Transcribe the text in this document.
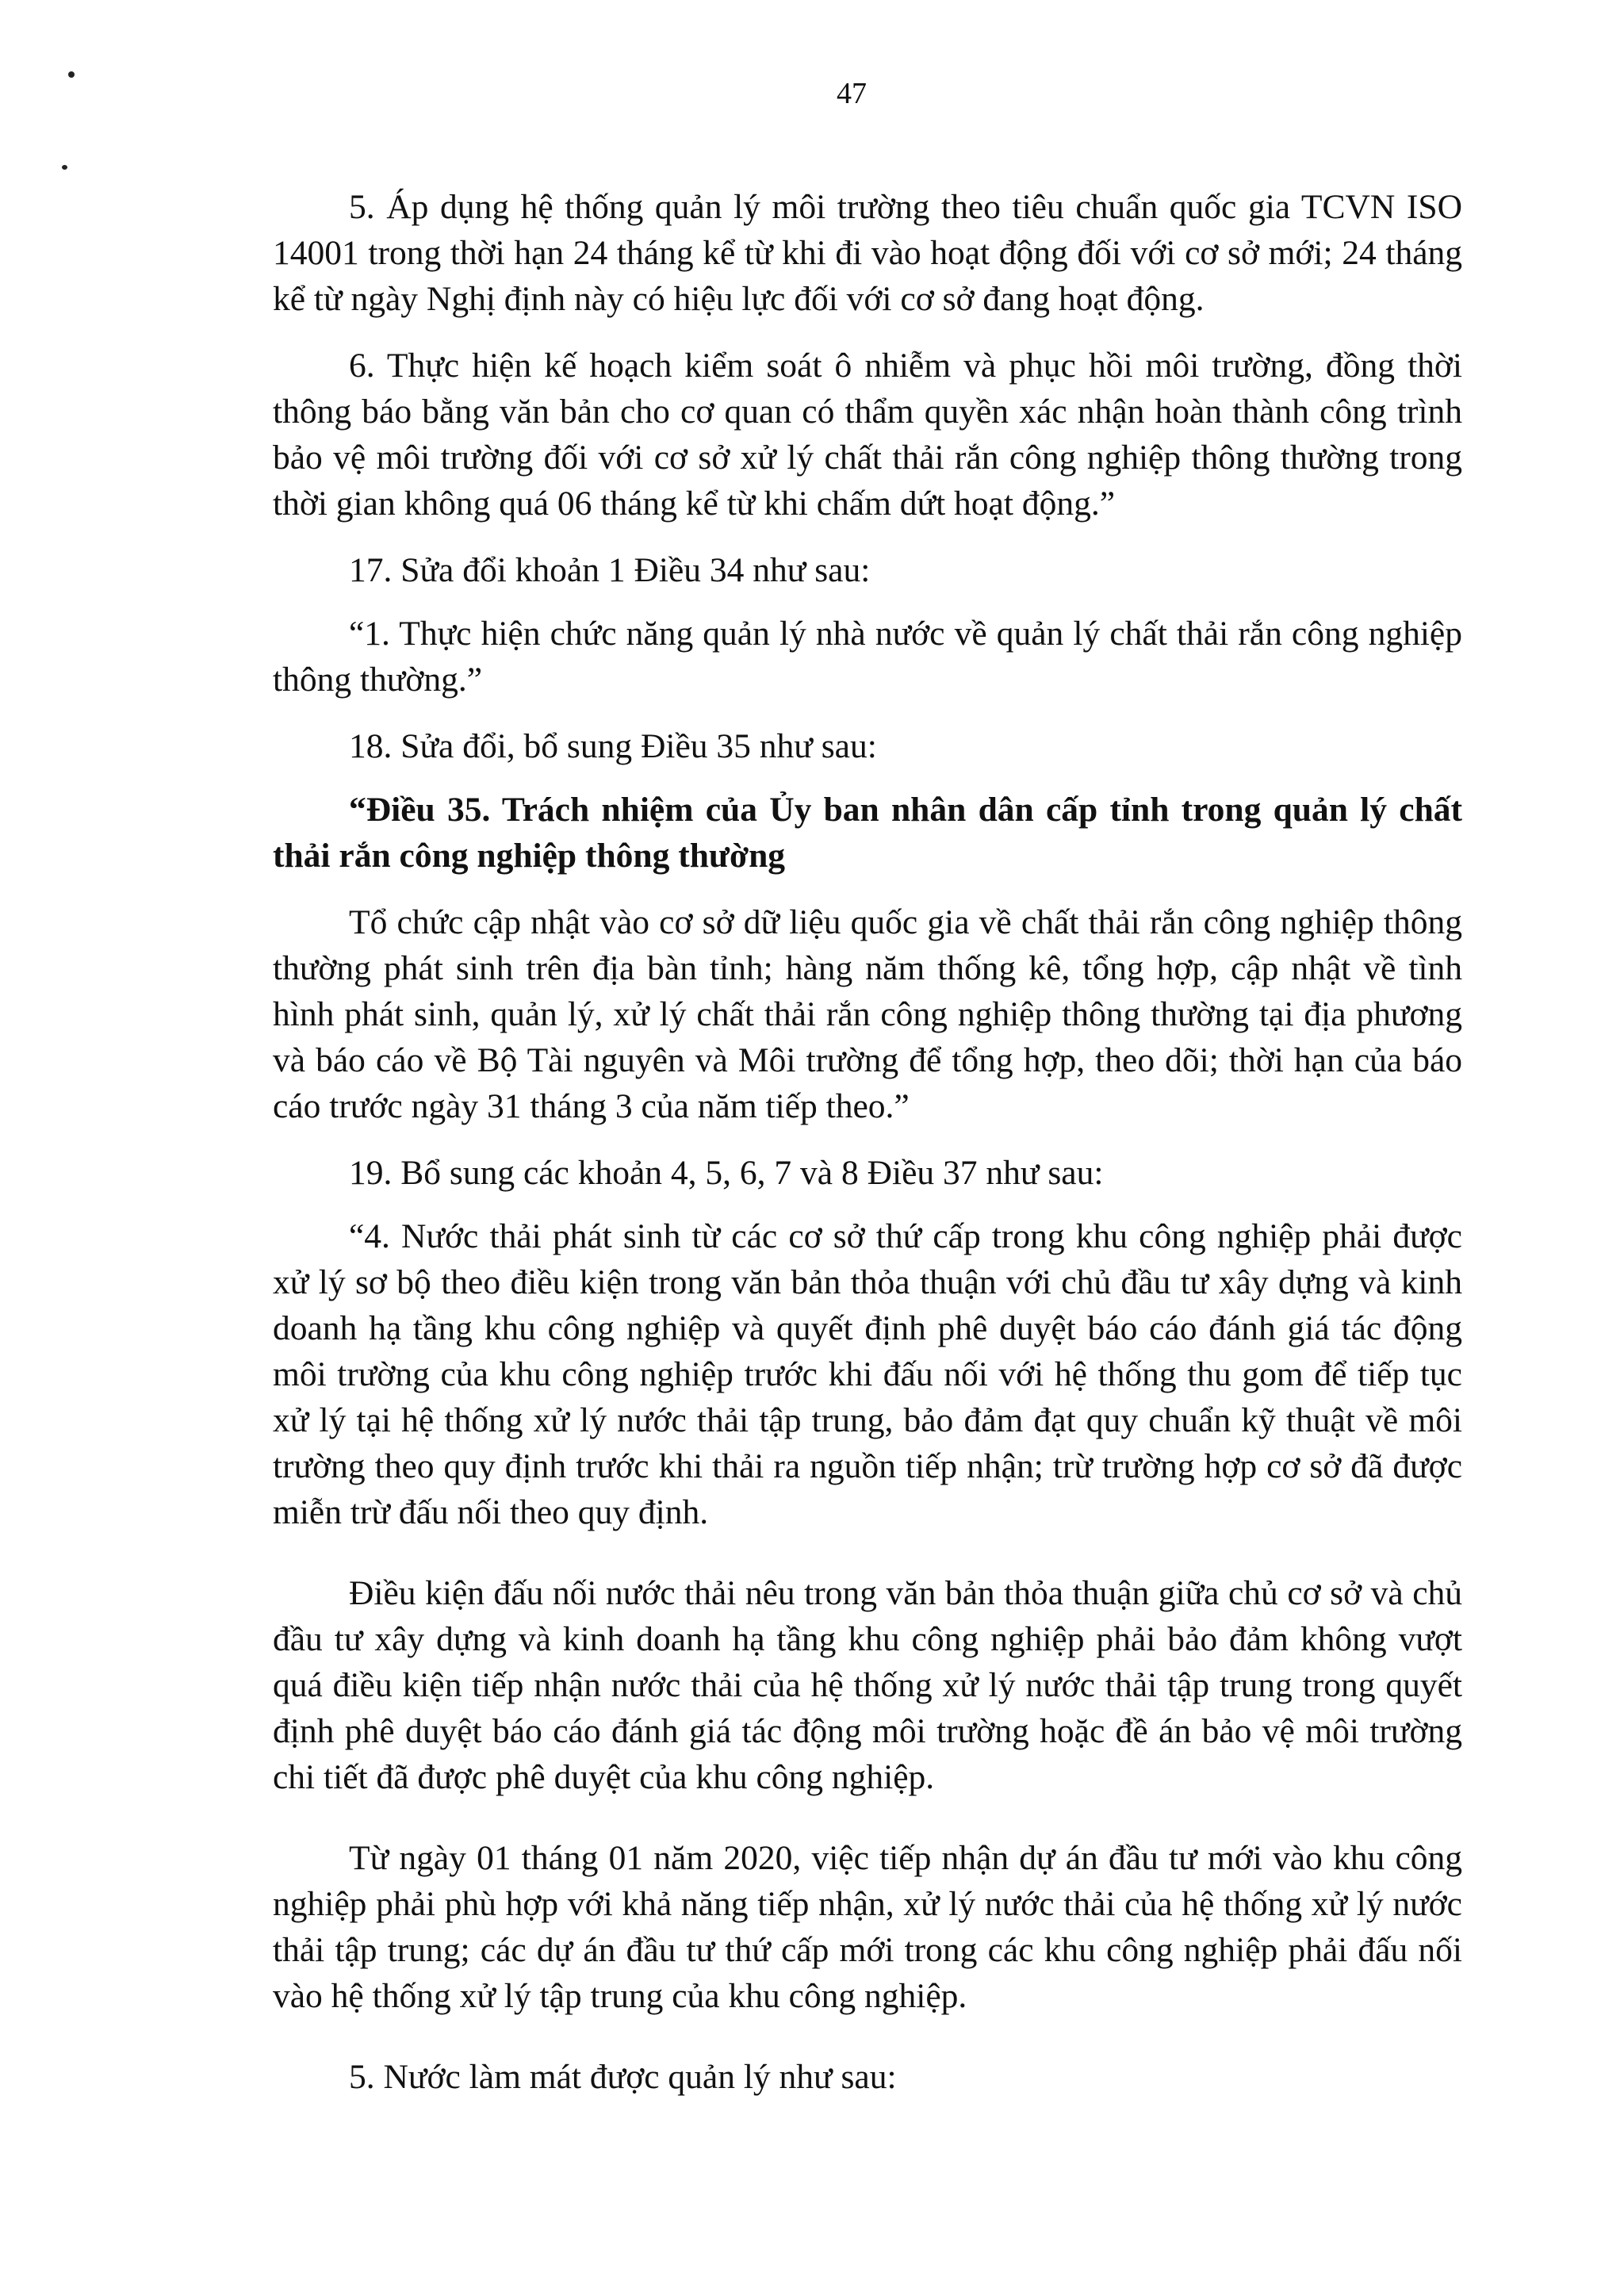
47

5. Áp dụng hệ thống quản lý môi trường theo tiêu chuẩn quốc gia TCVN ISO 14001 trong thời hạn 24 tháng kể từ khi đi vào hoạt động đối với cơ sở mới; 24 tháng kể từ ngày Nghị định này có hiệu lực đối với cơ sở đang hoạt động.

6. Thực hiện kế hoạch kiểm soát ô nhiễm và phục hồi môi trường, đồng thời thông báo bằng văn bản cho cơ quan có thẩm quyền xác nhận hoàn thành công trình bảo vệ môi trường đối với cơ sở xử lý chất thải rắn công nghiệp thông thường trong thời gian không quá 06 tháng kể từ khi chấm dứt hoạt động.”

17. Sửa đổi khoản 1 Điều 34 như sau:

“1. Thực hiện chức năng quản lý nhà nước về quản lý chất thải rắn công nghiệp thông thường.”

18. Sửa đổi, bổ sung Điều 35 như sau:

“Điều 35. Trách nhiệm của Ủy ban nhân dân cấp tỉnh trong quản lý chất thải rắn công nghiệp thông thường

Tổ chức cập nhật vào cơ sở dữ liệu quốc gia về chất thải rắn công nghiệp thông thường phát sinh trên địa bàn tỉnh; hàng năm thống kê, tổng hợp, cập nhật về tình hình phát sinh, quản lý, xử lý chất thải rắn công nghiệp thông thường tại địa phương và báo cáo về Bộ Tài nguyên và Môi trường để tổng hợp, theo dõi; thời hạn của báo cáo trước ngày 31 tháng 3 của năm tiếp theo.”

19. Bổ sung các khoản 4, 5, 6, 7 và 8 Điều 37 như sau:

“4. Nước thải phát sinh từ các cơ sở thứ cấp trong khu công nghiệp phải được xử lý sơ bộ theo điều kiện trong văn bản thỏa thuận với chủ đầu tư xây dựng và kinh doanh hạ tầng khu công nghiệp và quyết định phê duyệt báo cáo đánh giá tác động môi trường của khu công nghiệp trước khi đấu nối với hệ thống thu gom để tiếp tục xử lý tại hệ thống xử lý nước thải tập trung, bảo đảm đạt quy chuẩn kỹ thuật về môi trường theo quy định trước khi thải ra nguồn tiếp nhận; trừ trường hợp cơ sở đã được miễn trừ đấu nối theo quy định.

Điều kiện đấu nối nước thải nêu trong văn bản thỏa thuận giữa chủ cơ sở và chủ đầu tư xây dựng và kinh doanh hạ tầng khu công nghiệp phải bảo đảm không vượt quá điều kiện tiếp nhận nước thải của hệ thống xử lý nước thải tập trung trong quyết định phê duyệt báo cáo đánh giá tác động môi trường hoặc đề án bảo vệ môi trường chi tiết đã được phê duyệt của khu công nghiệp.

Từ ngày 01 tháng 01 năm 2020, việc tiếp nhận dự án đầu tư mới vào khu công nghiệp phải phù hợp với khả năng tiếp nhận, xử lý nước thải của hệ thống xử lý nước thải tập trung; các dự án đầu tư thứ cấp mới trong các khu công nghiệp phải đấu nối vào hệ thống xử lý tập trung của khu công nghiệp.

5. Nước làm mát được quản lý như sau:
